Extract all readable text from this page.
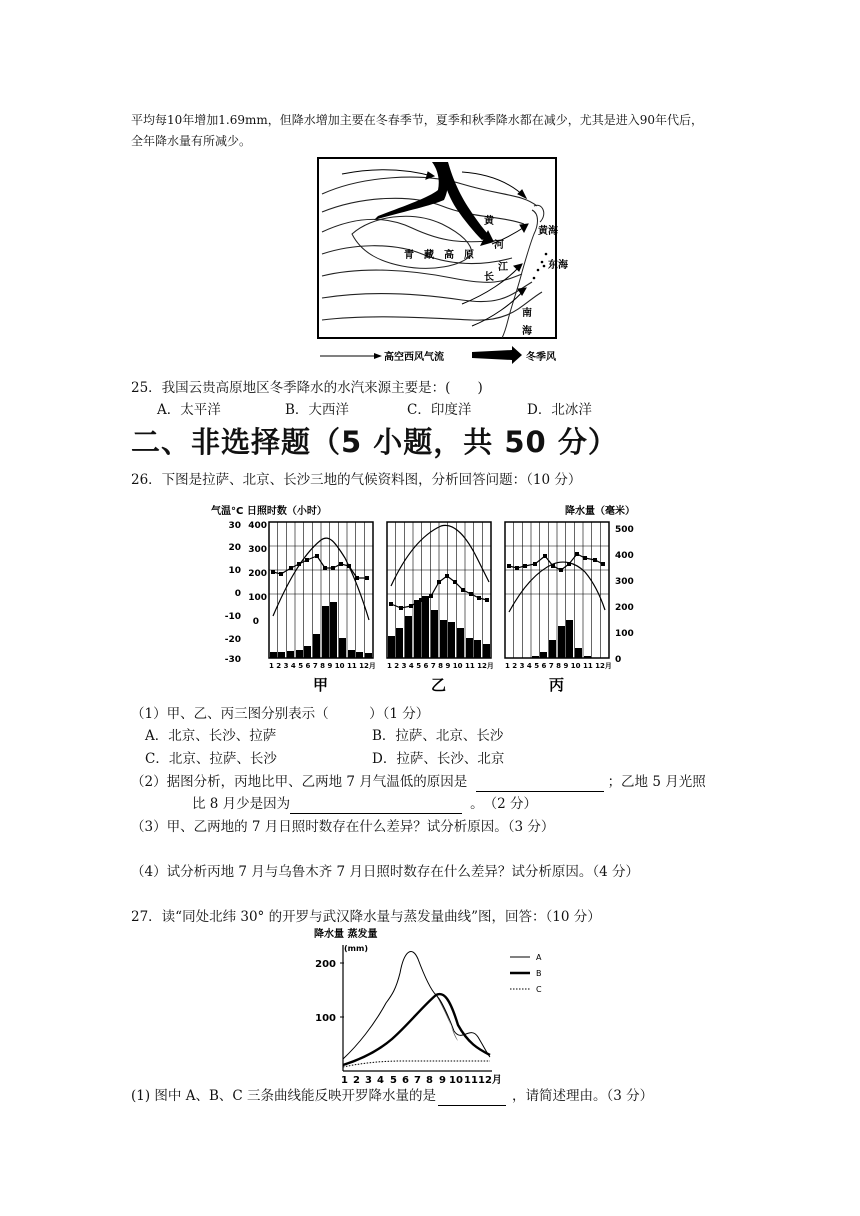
平均每10年增加1.69mm，但降水增加主要在冬春季节，夏季和秋季降水都在减少，尤其是进入90年代后，
全年降水量有所减少。
黄
河
青　藏　高　原
长
江
黄海
东海
南
海
高空西风气流	冬季风
25．我国云贵高原地区冬季降水的水汽来源主要是：(　　)
A．太平洋	B．大西洋	C．印度洋	D．北冰洋
二、非选择题（5 小题，共 50 分）
26．下图是拉萨、北京、长沙三地的气候资料图，分析回答问题：（10 分）
气温°C 日照时数（小时）	降水量（毫米）
30
20
10
0
-10
-20
-30
400
300
200
100
0
500
400
300
200
100
0
1 2 3 4 5 6 7 8 9 10 11 12月
甲
1 2 3 4 5 6 7 8 9 10 11 12月
乙
1 2 3 4 5 6 7 8 9 10 11 12月
丙
（1）甲、乙、丙三图分别表示（　　　）（1 分）
A．北京、长沙、拉萨	B．拉萨、北京、长沙
C．北京、拉萨、长沙	D．拉萨、长沙、北京
（2）据图分析，丙地比甲、乙两地 7 月气温低的原因是	；乙地 5 月光照
比 8 月少是因为	。　（2 分）
（3）甲、乙两地的 7 月日照时数存在什么差异？试分析原因。（3 分）
（4）试分析丙地 7 月与乌鲁木齐 7 月日照时数存在什么差异？试分析原因。（4 分）
27．读“同处北纬 30° 的开罗与武汉降水量与蒸发量曲线”图，回答：（10 分）
降水量 蒸发量
(mm)
200
100
1 2 3 4 5 6 7 8 9 10 11 12月
A
B
C
(1) 图中 A、B、C 三条曲线能反映开罗降水量的是	，请简述理由。（3 分）
